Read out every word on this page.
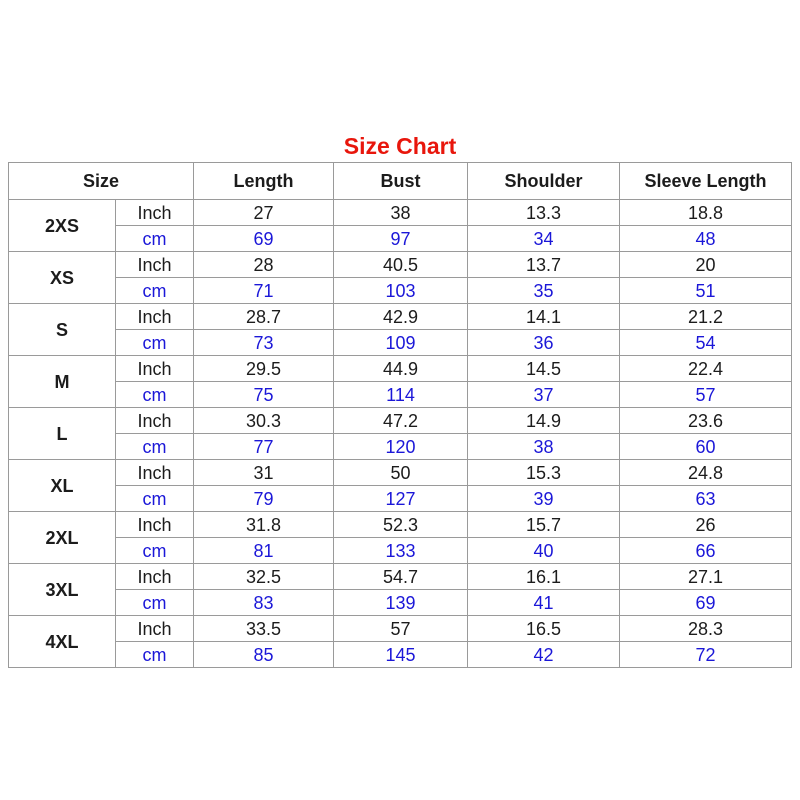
Size Chart
Size		Length	Bust	Shoulder	Sleeve Length
2XS	Inch	27	38	13.3	18.8
	cm	69	97	34	48
XS	Inch	28	40.5	13.7	20
	cm	71	103	35	51
S	Inch	28.7	42.9	14.1	21.2
	cm	73	109	36	54
M	Inch	29.5	44.9	14.5	22.4
	cm	75	114	37	57
L	Inch	30.3	47.2	14.9	23.6
	cm	77	120	38	60
XL	Inch	31	50	15.3	24.8
	cm	79	127	39	63
2XL	Inch	31.8	52.3	15.7	26
	cm	81	133	40	66
3XL	Inch	32.5	54.7	16.1	27.1
	cm	83	139	41	69
4XL	Inch	33.5	57	16.5	28.3
	cm	85	145	42	72
